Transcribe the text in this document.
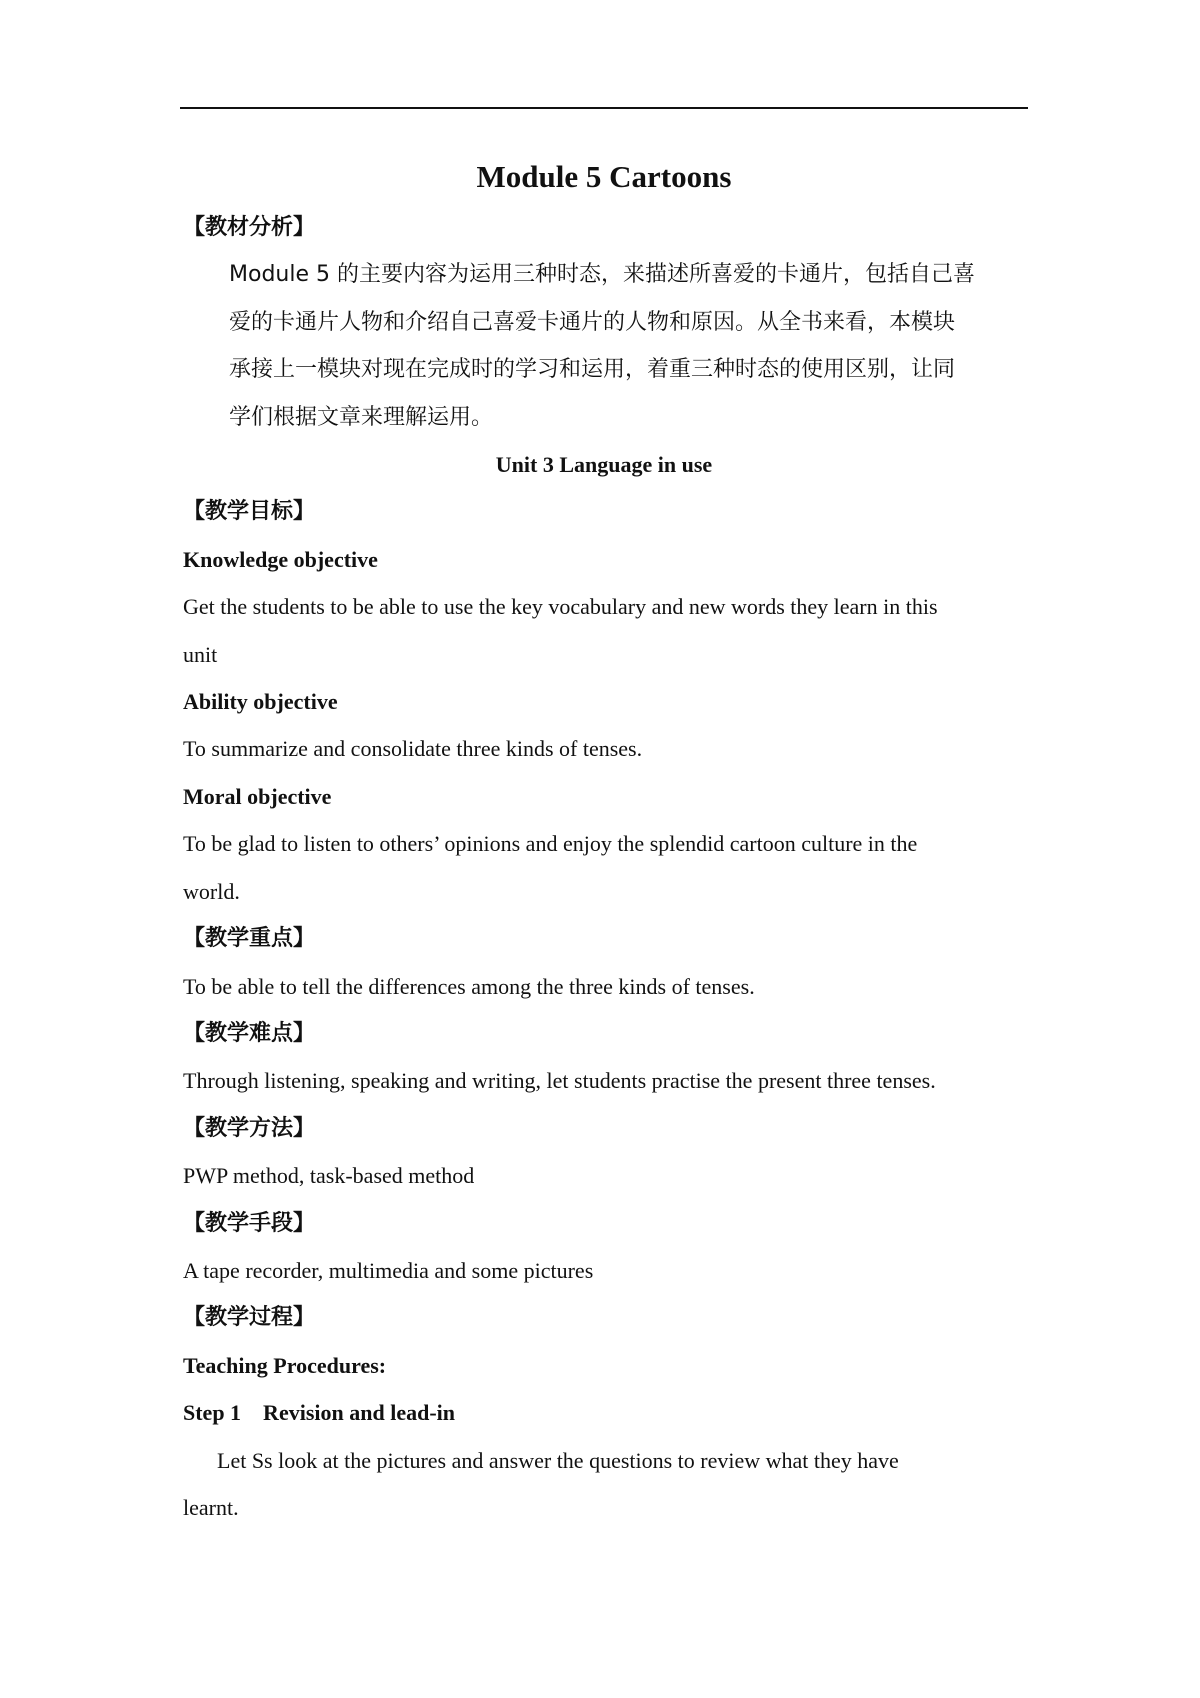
Module 5 Cartoons
【教材分析】
Module 5 的主要内容为运用三种时态，来描述所喜爱的卡通片，包括自己喜
爱的卡通片人物和介绍自己喜爱卡通片的人物和原因。从全书来看，本模块
承接上一模块对现在完成时的学习和运用，着重三种时态的使用区别，让同
学们根据文章来理解运用。
Unit 3 Language in use
【教学目标】
Knowledge objective
Get the students to be able to use the key vocabulary and new words they learn in this
unit
Ability objective
To summarize and consolidate three kinds of tenses.
Moral objective
To be glad to listen to others’ opinions and enjoy the splendid cartoon culture in the
world.
【教学重点】
To be able to tell the differences among the three kinds of tenses.
【教学难点】
Through listening, speaking and writing, let students practise the present three tenses.
【教学方法】
PWP method, task-based method
【教学手段】
A tape recorder, multimedia and some pictures
【教学过程】
Teaching Procedures:
Step 1    Revision and lead-in
Let Ss look at the pictures and answer the questions to review what they have
learnt.
